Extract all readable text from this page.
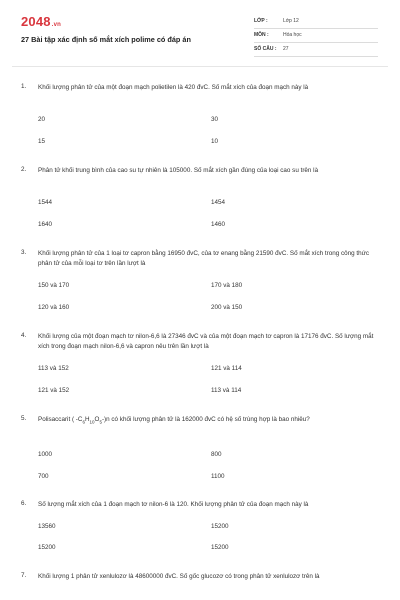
2048.vn
27 Bài tập xác định số mắt xích polime có đáp án
LỚP :	Lớp 12
MÔN :	Hóa học
SỐ CÂU : 27
1. Khối lượng phân tử của một đoạn mạch polietilen là 420 đvC. Số mắt xích của đoạn mạch này là
20	30
15	10
2. Phân tử khối trung bình của cao su tự nhiên là 105000. Số mắt xích gần đúng của loại cao su trên là
1544	1454
1640	1460
3. Khối lượng phân tử của 1 loại tơ capron bằng 16950 đvC, của tơ enang bằng 21590 đvC. Số mắt xích trong công thức phân tử của mỗi loại tơ trên lần lượt là
150 và 170	170 và 180
120 và 160	200 và 150
4. Khối lượng của một đoạn mạch tơ nilon-6,6 là 27346 đvC và của một đoạn mạch tơ capron là 17176 đvC. Số lượng mắt xích trong đoạn mạch nilon-6,6 và capron nêu trên lần lượt là
113 và 152	121 và 114
121 và 152	113 và 114
5. Polisaccarit ( $-C_6H_{10}O_5-)n$ có khối lượng phân tử là 162000 đvC có hệ số trùng hợp là bao nhiêu?
1000	800
700	1100
6. Số lượng mắt xích của 1 đoạn mạch tơ nilon-6 là 120. Khối lượng phân tử của đoạn mạch này là
13560	15200
15200	15200
7. Khối lượng 1 phân tử xenlulozơ là 48600000 đvC. Số gốc glucozơ có trong phân tử xenlulozơ trên là
